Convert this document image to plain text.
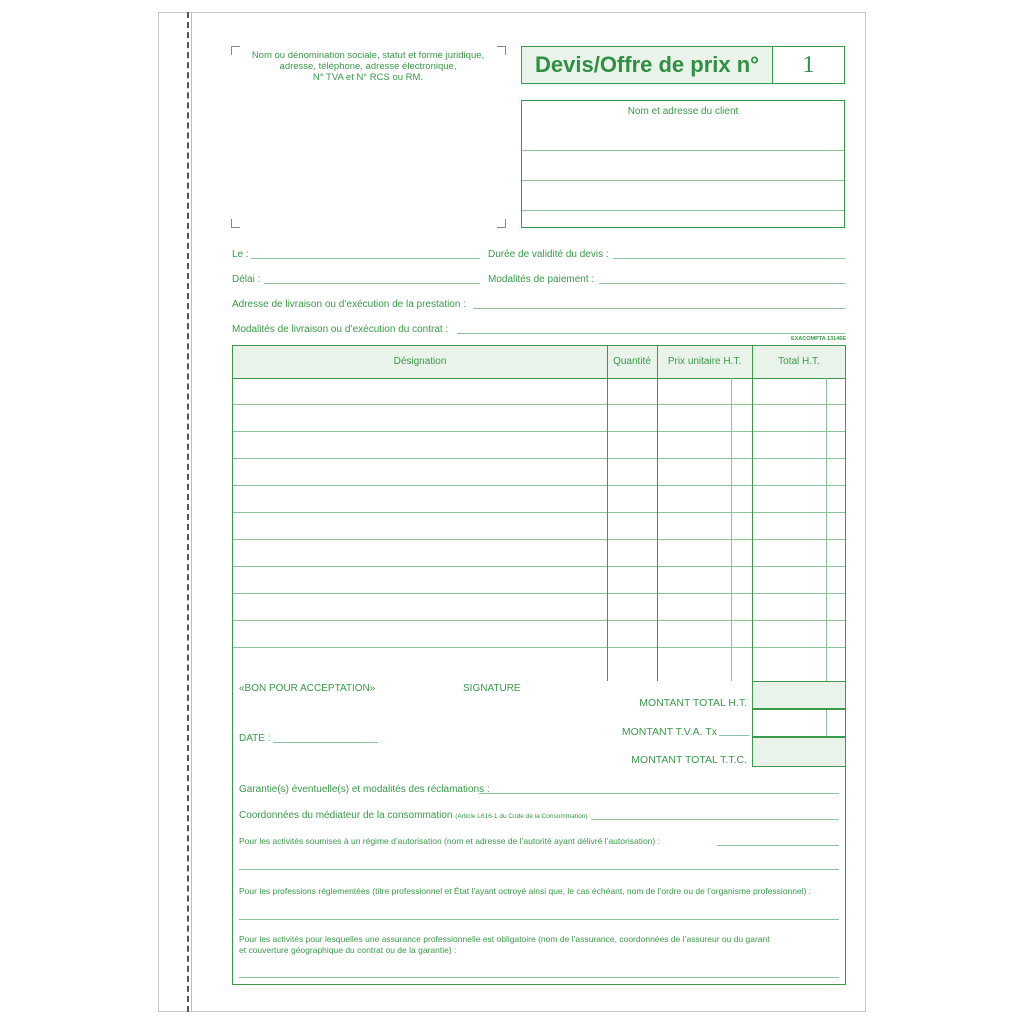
Nom ou dénomination sociale, statut et forme juridique,
adresse, téléphone, adresse électronique,
N° TVA et N° RCS ou RM.
Devis/Offre de prix n°	1
Nom et adresse du client
Le :	Durée de validité du devis :
Délai :	Modalités de paiement :
Adresse de livraison ou d’exécution de la prestation :
Modalités de livraison ou d’exécution du contrat :
EXACOMPTA 13146E
Désignation	Quantité	Prix unitaire H.T.	Total H.T.
MONTANT TOTAL H.T.
MONTANT T.V.A. Tx
MONTANT TOTAL T.T.C.
«BON POUR ACCEPTATION»	SIGNATURE
DATE :
Garantie(s) éventuelle(s) et modalités des réclamations :
Coordonnées du médiateur de la consommation (Article L616-1 du Code de la Consommation) :
Pour les activités soumises à un régime d’autorisation (nom et adresse de l’autorité ayant délivré l’autorisation) :
Pour les professions réglementées (titre professionnel et État l’ayant octroyé ainsi que, le cas échéant, nom de l’ordre ou de l’organisme professionnel) :
Pour les activités pour lesquelles une assurance professionnelle est obligatoire (nom de l’assurance, coordonnées de l’assureur ou du garant
et couverture géographique du contrat ou de la garantie) :
